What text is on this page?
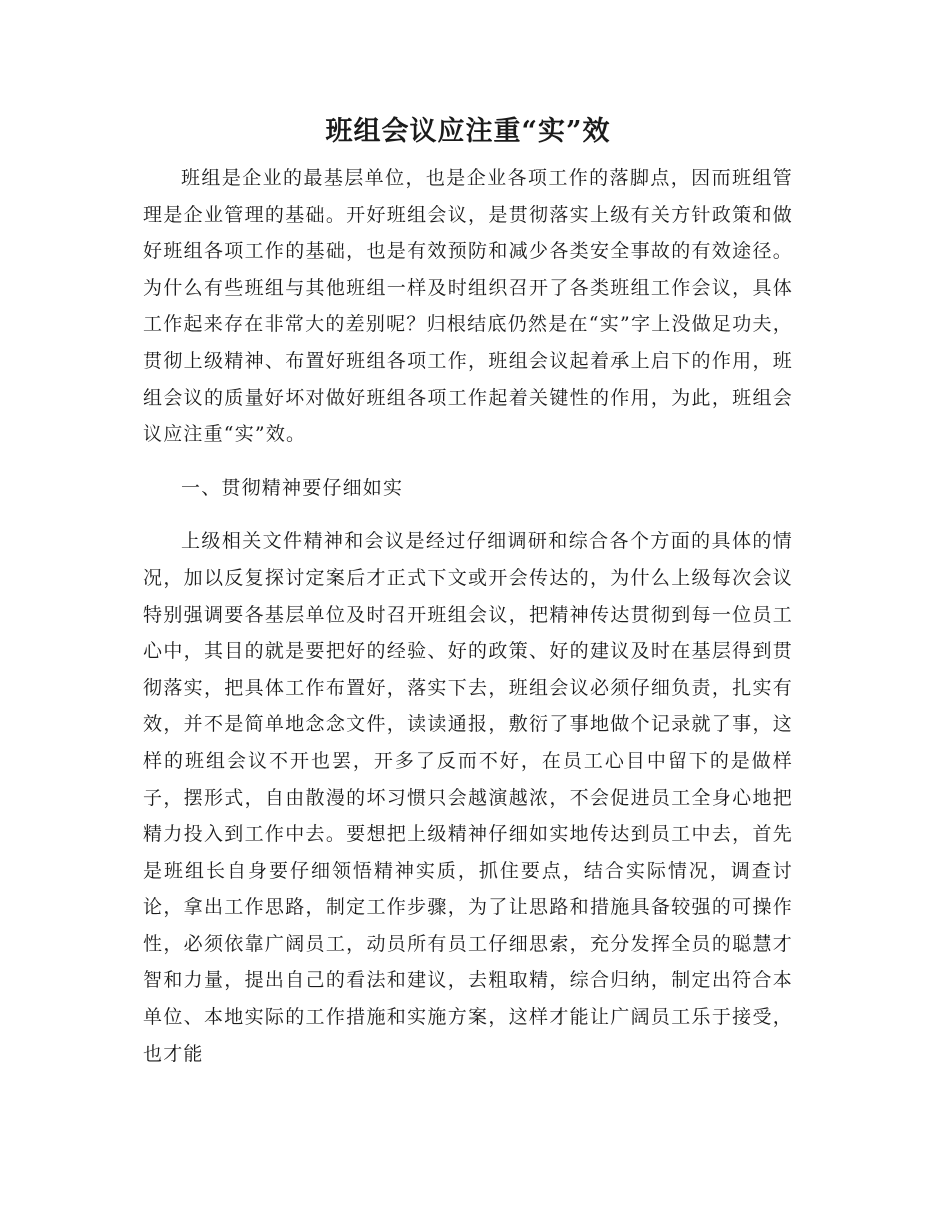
班组会议应注重“实”效

班组是企业的最基层单位，也是企业各项工作的落脚点，因而班组管理是企业管理的基础。开好班组会议，是贯彻落实上级有关方针政策和做好班组各项工作的基础，也是有效预防和减少各类安全事故的有效途径。为什么有些班组与其他班组一样及时组织召开了各类班组工作会议，具体工作起来存在非常大的差别呢？归根结底仍然是在“实”字上没做足功夫，贯彻上级精神、布置好班组各项工作，班组会议起着承上启下的作用，班组会议的质量好坏对做好班组各项工作起着关键性的作用，为此，班组会议应注重“实”效。

一、贯彻精神要仔细如实

上级相关文件精神和会议是经过仔细调研和综合各个方面的具体的情况，加以反复探讨定案后才正式下文或开会传达的，为什么上级每次会议特别强调要各基层单位及时召开班组会议，把精神传达贯彻到每一位员工心中，其目的就是要把好的经验、好的政策、好的建议及时在基层得到贯彻落实，把具体工作布置好，落实下去，班组会议必须仔细负责，扎实有效，并不是简单地念念文件，读读通报，敷衍了事地做个记录就了事，这样的班组会议不开也罢，开多了反而不好，在员工心目中留下的是做样子，摆形式，自由散漫的坏习惯只会越演越浓，不会促进员工全身心地把精力投入到工作中去。要想把上级精神仔细如实地传达到员工中去，首先是班组长自身要仔细领悟精神实质，抓住要点，结合实际情况，调查讨论，拿出工作思路，制定工作步骤，为了让思路和措施具备较强的可操作性，必须依靠广阔员工，动员所有员工仔细思索，充分发挥全员的聪慧才智和力量，提出自己的看法和建议，去粗取精，综合归纳，制定出符合本单位、本地实际的工作措施和实施方案，这样才能让广阔员工乐于接受，也才能
